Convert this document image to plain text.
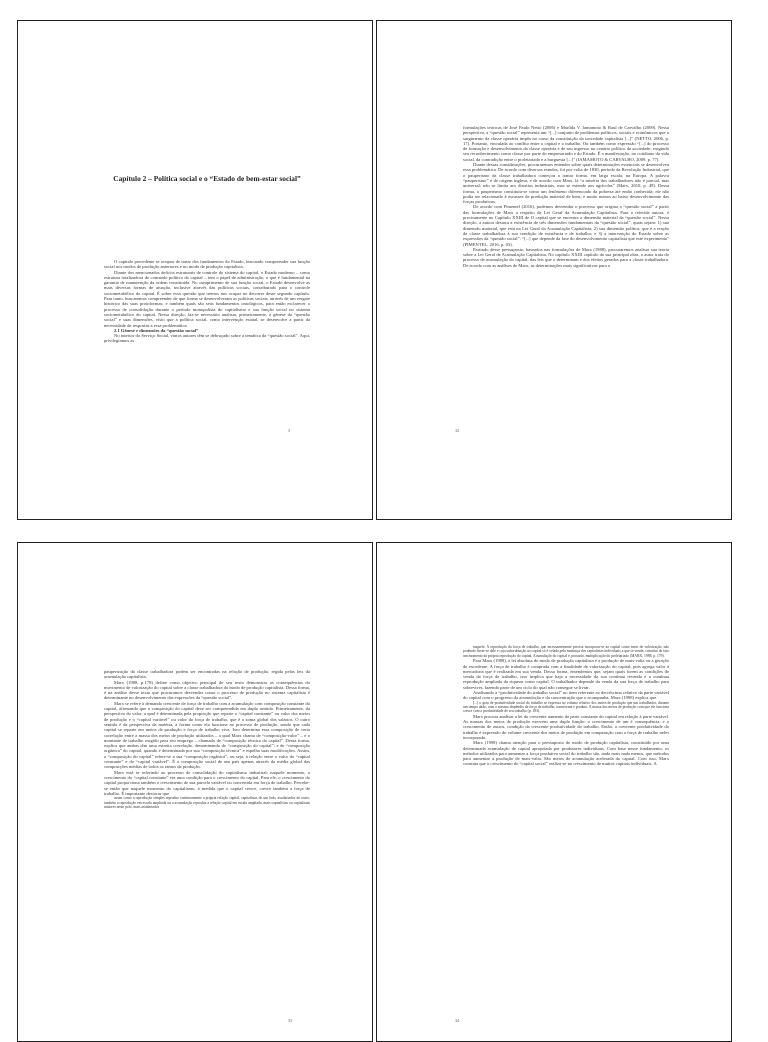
Capítulo 2 – Política social e o “Estado de bem-estar social”

O capitalo precedente se ocupou de tratar dos fundamentos do Estado, buscando compreender sua função social nos modos de produção anteriores e no modo de produção capitalista.

Diante dos mencionados deficits estruturais de controle do sistema do capital, o Estado moderno – como estrutura totalizadora de comando político do capital – tem o papel de administração, o que é fundamental na garantia de manutenção da ordem constituída. No cumprimento de sua função social, o Estado desenvolve as mais diversas formas de atuação, inclusive através das políticas sociais, contribuindo para o controle sociometabólico do capital. É sobre essa questão que iremos nos ocupar no decorrer deste segundo capítulo. Para tanto, buscaremos compreender de que forma se desenvolveram as políticas sociais, através de um resgate histórico das suas protoformas; e também quais são seus fundamentos ontológicos, para então esclarecer o processo de consolidação durante o período monopolista do capitalismo e sua função social no sistema sociometabólico do capital. Nessa direção, faz-se necessário analisar, primeiramente, a gênese da “questão social” e suas dimensões, visto que a política social, como intervenção estatal, se desenvolve a partir da necessidade de respostas a essa problemática.

2.1 Gênese e dimensões da “questão social”

No interior do Serviço Social, vários autores têm se debruçado sobre a temática da “questão social”. Aqui, privilegiamos as

3

formulações teóricas de José Paulo Netto (2006) e Marilda V. Iamamoto & Raul de Carvalho (2009). Nessa perspectiva, a “questão social” representa um “[...] conjunto de problemas políticos, sociais e econômicos que o surgimento da classe operária impôs no curso da constituição da sociedade capitalista [...]” (NETTO, 2006, p. 17). Portanto, vinculada ao conflito entre o capital e o trabalho. Ou também como expressão “[...] do processo de formação e desenvolvimento da classe operária e de seu ingresso no cenário político da sociedade, exigindo seu reconhecimento como classe por parte do empresariado e do Estado. É a manifestação, no cotidiano da vida social, da contradição entre o proletariado e a burguesia [...]” (IAMAMOTO & CARVALHO, 2009, p. 77).

Diante dessas considerações, procuraremos entender sobre quais determinações essenciais se desenvolveu essa problemática. De acordo com diversos estudos, foi por volta de 1830, período da Revolução Industrial, que o pauperismo da classe trabalhadora começou a tomar forma, em larga escala, na Europa. A palavra “pauperismo” é de origem inglesa, e de acordo com Marx, lá “a miséria dos trabalhadores não é parcial, mas universal; não se limita aos distritos industriais, mas se estende aos agrícolas” (Marx, 2010, p. 48). Dessa forma, o pauperismo constituiu-se como um fenômeno diferenciado da pobreza até então conhecida; ele não podia ser relacionado à escassez de produção material de bens, e muito menos ao baixo desenvolvimento das forças produtivas.

De acordo com Pimentel (2016), podemos desvendar o processo que origina a “questão social” a partir das formulações de Marx a respeito da Lei Geral da Acumulação Capitalista. Para a referida autora, é precisamente no Capítulo XXIII de O capital que se encontra a dimensão material da “questão social”. Nessa direção, a autora destaca a existência de três dimensões fundamentais da “questão social”, quais sejam: 1) sua dimensão material, que está na Lei Geral da Acumulação Capitalista; 2) sua dimensão política, que é a reação da classe trabalhadora à sua condição de existência e de trabalho; e 3) a intervenção do Estado sobre as expressões da “questão social”: “[...] que depende da fase do desenvolvimento capitalista que este experimenta” (PIMENTEL, 2016, p. 03).

Partindo desse pressuposto, baseados nas formulações de Marx (1988), procuraremos analisar sua teoria sobre a Lei Geral de Acumulação Capitalista. No capítulo XXIII capítulo da sua principal obra, o autor trata do processo de acumulação do capital, das leis que o determinam e dos efeitos gerados para a classe trabalhadora. De acordo com as análises de Marx, as determinações mais significativas para a

32

pauperização da classe trabalhadora podem ser encontradas na relação de produção, regida pelas leis da acumulação capitalista.

Marx (1988, p.178) define como objetivo principal de seu texto demonstrar as consequências do movimento de valorização do capital sobre a classe trabalhadora do modo de produção capitalista. Dessa forma, é na análise desse texto que procuramos desvendar como o processo de produção no sistema capitalista é determinante no desenvolvimento das expressões da “questão social”.

Marx se refere à demanda crescente de força de trabalho com a acumulação com composição constante do capital, afirmando que a composição do capital deve ser compreendida em duplo sentido. Primeiramente, da perspectiva do valor, a qual é determinada pela proporção que reparte o “capital constante” ou valor dos meios de produção e o “capital variável” ou valor da força de trabalho, que é a soma global dos salários. O outro sentido é da perspectiva da matéria, a forma como ela funciona no processo de produção, sendo que cada capital se reparte em meios de produção e força de trabalho viva. Isso determina essa composição de certa correlação entre a massa dos meios de produção utilizados – a qual Marx chama de “composição-valor” – e o montante de trabalho exigido para seu emprego – chamado de “composição técnica do capital”. Dessa forma, explica que ambas têm uma estreita correlação, denominando de “composição do capital”; e de “composição orgânica” do capital, quando é determinada por sua “composição técnica” e espelha suas modificações. Assim, a “composição do capital” refere-se a sua “composição orgânica”, ou seja, à relação entre o valor do “capital constante” e do “capital variável”. É a composição social de um país apenas através da média global das composições médias de todos os ramos da produção.

Marx está se referindo ao processo de consolidação do capitalismo industrial; naquele momento, o crescimento do “capital constante” era uma condição para o crescimento do capital. Para ele, o crescimento do capital proporciona também o crescimento de sua parcela variável ou convertida em força de trabalho. Percebe-se então que naquele momento do capitalismo, à medida que o capital cresce, cresce também a força de trabalho. É importante destacar que

assim como a reprodução simples reproduz continuamente a própria relação capital, capitalistas de um lado, assalariados do outro, também a reprodução em escala ampliada ou a acumulação reproduz a relação capital em escala ampliada, mais capitalistas ou capitalistas maiores neste polo, mais assalariados

33

naquele. A reprodução da força de trabalho, que incessantemente precisa incorporar-se ao capital como meio de valorização, não podendo livrar-se dele e cuja subordinação ao capital só é velada pela mudança dos capitalistas individuais a que se vende, constitui de fato um momento da própria reprodução do capital. Acumulação do capital é, portanto, multiplicação do proletariado (MARX, 1988, p. 179).

Para Marx (1988), a lei absoluta do modo de produção capitalista é a produção de mais-valia ou a geração de excedente. A força de trabalho é comprada com a finalidade de valorização do capital, pois agrega valor à mercadoria que é realizada em sua venda. Dessa forma, entendemos que, sejam quais forem as condições de venda da força de trabalho, isso implica que haja a necessidade da sua contínua revenda e a contínua reprodução ampliada da riqueza como capital. O trabalhador depende da venda da sua força de trabalho para sobreviver, fazendo parte de um ciclo do qual não consegue se livrar.

Analisando a “produtividade do trabalho social” no item referente ao decréscimo relativo da parte variável do capital com o progresso da acumulação e da concentração que o acompanha, Marx (1998) explica que

[...] o grau de produtividade social do trabalho se expressa no volume relativo dos meios de produção que um trabalhador, durante um tempo dado, com o mesmo dispêndio de força de trabalho, transforma e produto. A massa dos meios de produção com que ele funciona cresce com a produtividade de seu trabalho (p. 183).

Marx procura analisar a lei do crescente aumento da parte constante do capital em relação à parte variável. As massas dos meios de produção exercem uma dupla função: o crescimento de um é consequência; e o crescimento de outros, condição da crescente produtividade do trabalho. Então, a crescente produtividade do trabalho é expressão do volume crescente dos meios de produção em comparação com a força de trabalho neles incorporada.

Marx (1998) chama atenção para o pressuposto do modo de produção capitalista, constituído por uma determinada acumulação de capital apropriada por produtores individuais. Com base nesse fundamento, os métodos utilizados para aumentar a força produtiva social do trabalho são, nada mais nada menos, que métodos para aumentar a produção de mais-valia. São meios de acumulação acelerada do capital. Com isso, Marx constata que o crescimento do “capital social” realiza-se no crescimento de muitos capitais individuais. A

34
